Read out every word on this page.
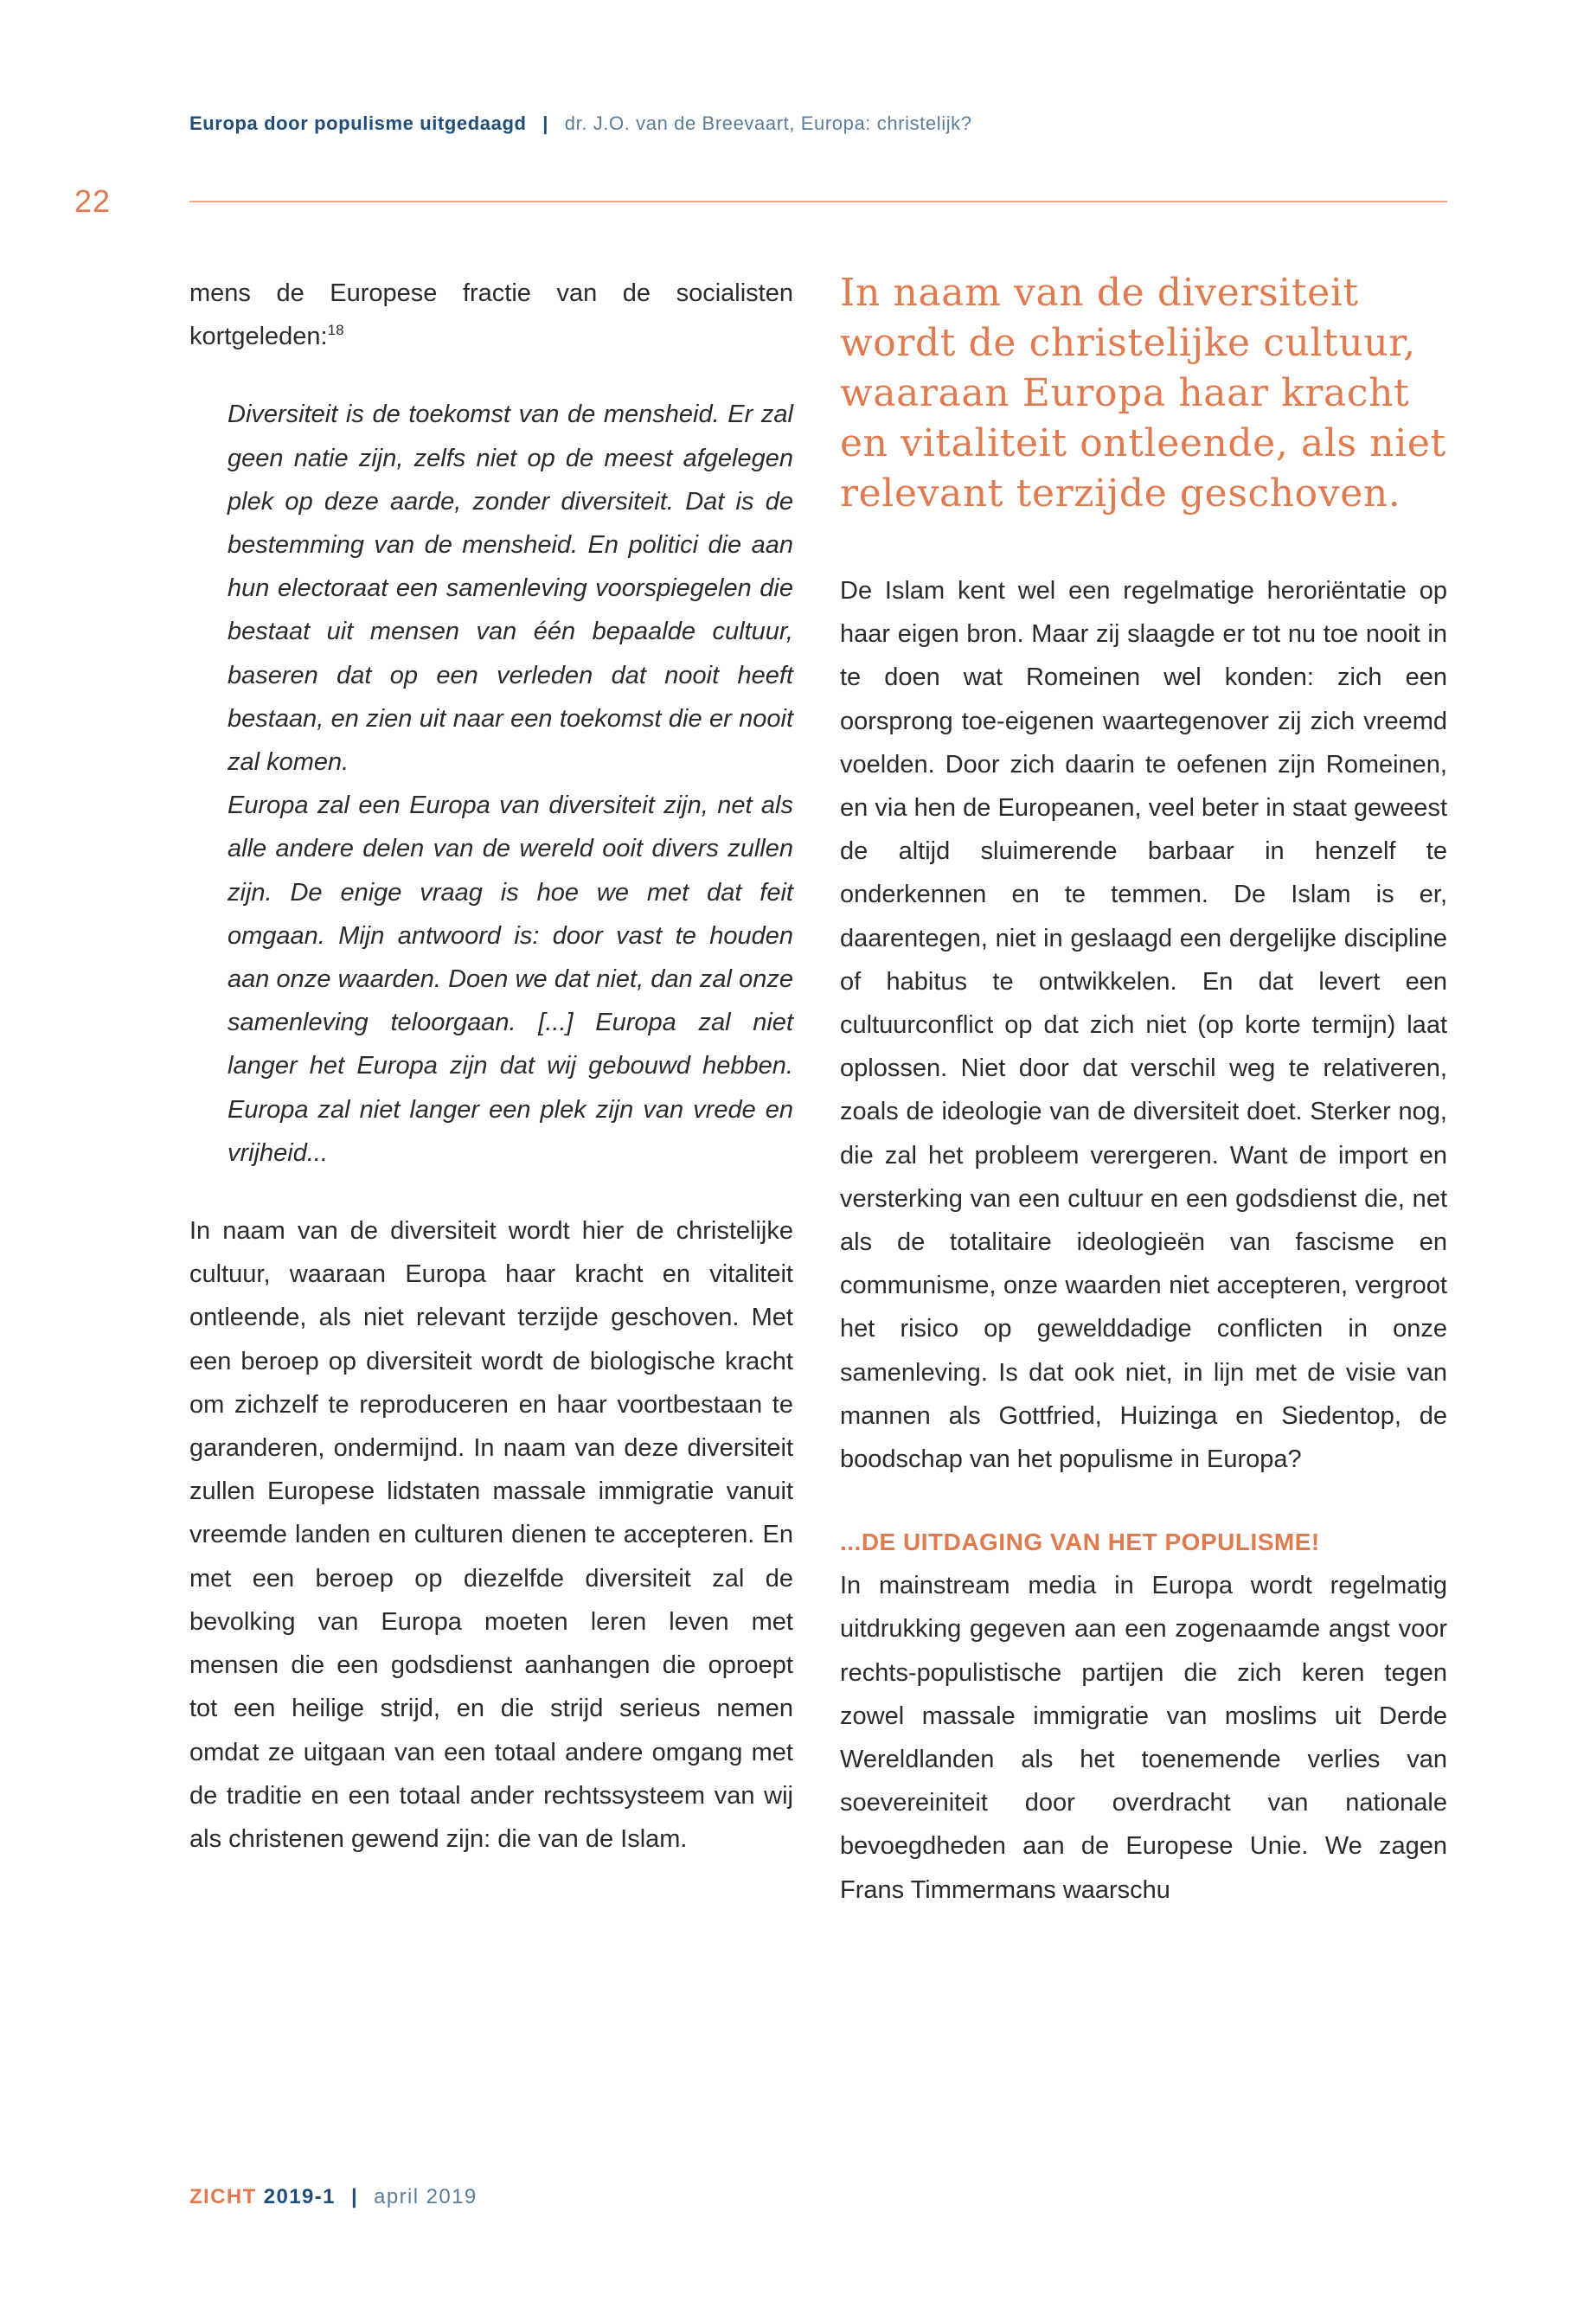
Europa door populisme uitgedaagd | dr. J.O. van de Breevaart, Europa: christelijk?
22

mens de Europese fractie van de socialisten kortgeleden:$^{18}$

Diversiteit is de toekomst van de mensheid. Er zal geen natie zijn, zelfs niet op de meest afgelegen plek op deze aarde, zonder diversiteit. Dat is de bestemming van de mensheid. En politici die aan hun electoraat een samenleving voorspiegelen die bestaat uit mensen van één bepaalde cultuur, baseren dat op een verleden dat nooit heeft bestaan, en zien uit naar een toekomst die er nooit zal komen.

Europa zal een Europa van diversiteit zijn, net als alle andere delen van de wereld ooit divers zullen zijn. De enige vraag is hoe we met dat feit omgaan. Mijn antwoord is: door vast te houden aan onze waarden. Doen we dat niet, dan zal onze samenleving teloorgaan. [...] Europa zal niet langer het Europa zijn dat wij gebouwd hebben. Europa zal niet langer een plek zijn van vrede en vrijheid...

In naam van de diversiteit wordt hier de christelijke cultuur, waaraan Europa haar kracht en vitaliteit ontleende, als niet relevant terzijde geschoven. Met een beroep op diversiteit wordt de biologische kracht om zichzelf te reproduceren en haar voortbestaan te garanderen, ondermijnd. In naam van deze diversiteit zullen Europese lidstaten massale immigratie vanuit vreemde landen en culturen dienen te accepteren. En met een beroep op diezelfde diversiteit zal de bevolking van Europa moeten leren leven met mensen die een godsdienst aanhangen die oproept tot een heilige strijd, en die strijd serieus nemen omdat ze uitgaan van een totaal andere omgang met de traditie en een totaal ander rechtssysteem van wij als christenen gewend zijn: die van de Islam.

In naam van de diversiteit wordt de christelijke cultuur, waaraan Europa haar kracht en vitaliteit ontleende, als niet relevant terzijde geschoven.

De Islam kent wel een regelmatige heroriëntatie op haar eigen bron. Maar zij slaagde er tot nu toe nooit in te doen wat Romeinen wel konden: zich een oorsprong toe-eigenen waartegenover zij zich vreemd voelden. Door zich daarin te oefenen zijn Romeinen, en via hen de Europeanen, veel beter in staat geweest de altijd sluimerende barbaar in henzelf te onderkennen en te temmen. De Islam is er, daarentegen, niet in geslaagd een dergelijke discipline of habitus te ontwikkelen. En dat levert een cultuurconflict op dat zich niet (op korte termijn) laat oplossen. Niet door dat verschil weg te relativeren, zoals de ideologie van de diversiteit doet. Sterker nog, die zal het probleem verergeren. Want de import en versterking van een cultuur en een godsdienst die, net als de totalitaire ideologieën van fascisme en communisme, onze waarden niet accepteren, vergroot het risico op gewelddadige conflicten in onze samenleving. Is dat ook niet, in lijn met de visie van mannen als Gottfried, Huizinga en Siedentop, de boodschap van het populisme in Europa?

...DE UITDAGING VAN HET POPULISME!

In mainstream media in Europa wordt regelmatig uitdrukking gegeven aan een zogenaamde angst voor rechts-populistische partijen die zich keren tegen zowel massale immigratie van moslims uit Derde Wereldlanden als het toenemende verlies van soevereiniteit door overdracht van nationale bevoegdheden aan de Europese Unie. We zagen Frans Timmermans waarschu

ZICHT 2019-1 | april 2019
